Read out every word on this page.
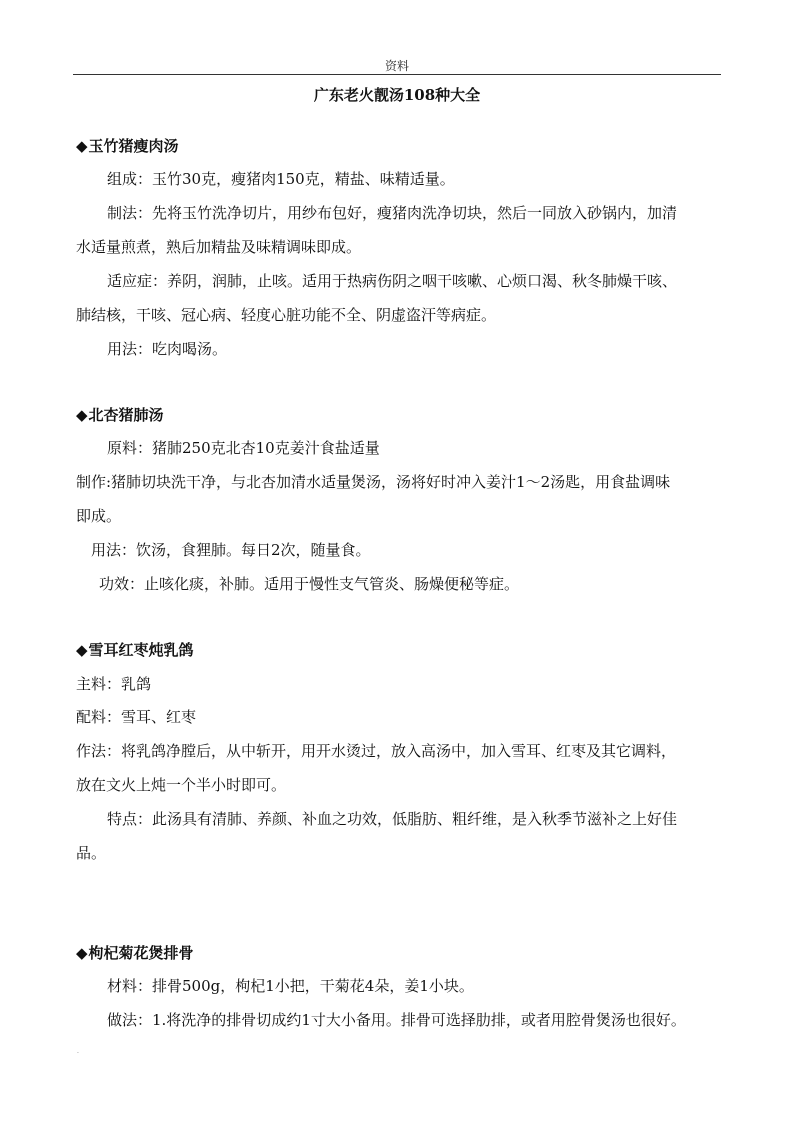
资料
广东老火靓汤108种大全
◆玉竹猪瘦肉汤
组成：玉竹30克，瘦猪肉150克，精盐、味精适量。
制法：先将玉竹洗净切片，用纱布包好，瘦猪肉洗净切块，然后一同放入砂锅内，加清
水适量煎煮，熟后加精盐及味精调味即成。
适应症：养阴，润肺，止咳。适用于热病伤阴之咽干咳嗽、心烦口渴、秋冬肺燥干咳、
肺结核，干咳、冠心病、轻度心脏功能不全、阴虚盗汗等病症。
用法：吃肉喝汤。
◆北杏猪肺汤
原料：猪肺250克北杏10克姜汁食盐适量
制作:猪肺切块洗干净，与北杏加清水适量煲汤，汤将好时冲入姜汁1～2汤匙，用食盐调味
即成。
用法：饮汤，食狸肺。每日2次，随量食。
功效：止咳化痰，补肺。适用于慢性支气管炎、肠燥便秘等症。
◆雪耳红枣炖乳鸽
主料：乳鸽
配料：雪耳、红枣
作法：将乳鸽净膛后，从中斩开，用开水烫过，放入高汤中，加入雪耳、红枣及其它调料，
放在文火上炖一个半小时即可。
特点：此汤具有清肺、养颜、补血之功效，低脂肪、粗纤维，是入秋季节滋补之上好佳
品。
◆枸杞菊花煲排骨
材料：排骨500g，枸杞1小把，干菊花4朵，姜1小块。
做法：1.将洗净的排骨切成约1寸大小备用。排骨可选择肋排，或者用腔骨煲汤也很好。
.
